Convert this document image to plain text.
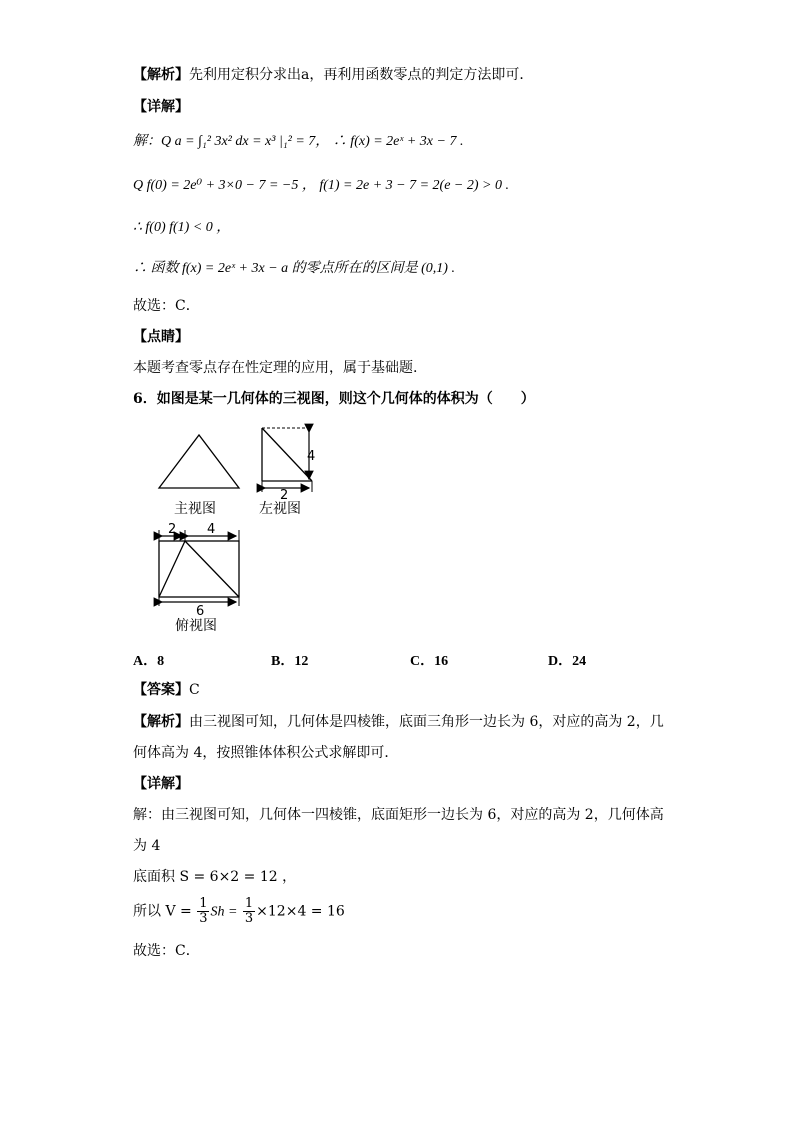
【解析】先利用定积分求出a，再利用函数零点的判定方法即可．
【详解】
解：Q a = ∫₁² 3x² dx = x³ |₁² = 7， ∴ f(x) = 2eˣ + 3x − 7 .
Q f(0) = 2e⁰ + 3×0 − 7 = −5 ， f(1) = 2e + 3 − 7 = 2(e − 2) > 0 .
∴ f(0) f(1) < 0 ，
∴ 函数 f(x) = 2eˣ + 3x − a 的零点所在的区间是 (0,1) .
故选：C．
【点睛】
本题考查零点存在性定理的应用，属于基础题.
6．如图是某一几何体的三视图，则这个几何体的体积为（　　）
主视图
4
2
左视图
2 4
6
俯视图
A．8	B．12	C．16	D．24
【答案】C
【解析】由三视图可知，几何体是四棱锥，底面三角形一边长为 6，对应的高为 2，几
何体高为 4，按照锥体体积公式求解即可．
【详解】
解：由三视图可知，几何体一四棱锥，底面矩形一边长为 6，对应的高为 2，几何体高
为 4
底面积 S = 6×2 = 12 ，
所以 $V = \frac{1}{3}$ $Sh = \frac{1}{3} \times 12\times 4 = 16$
故选：C．
